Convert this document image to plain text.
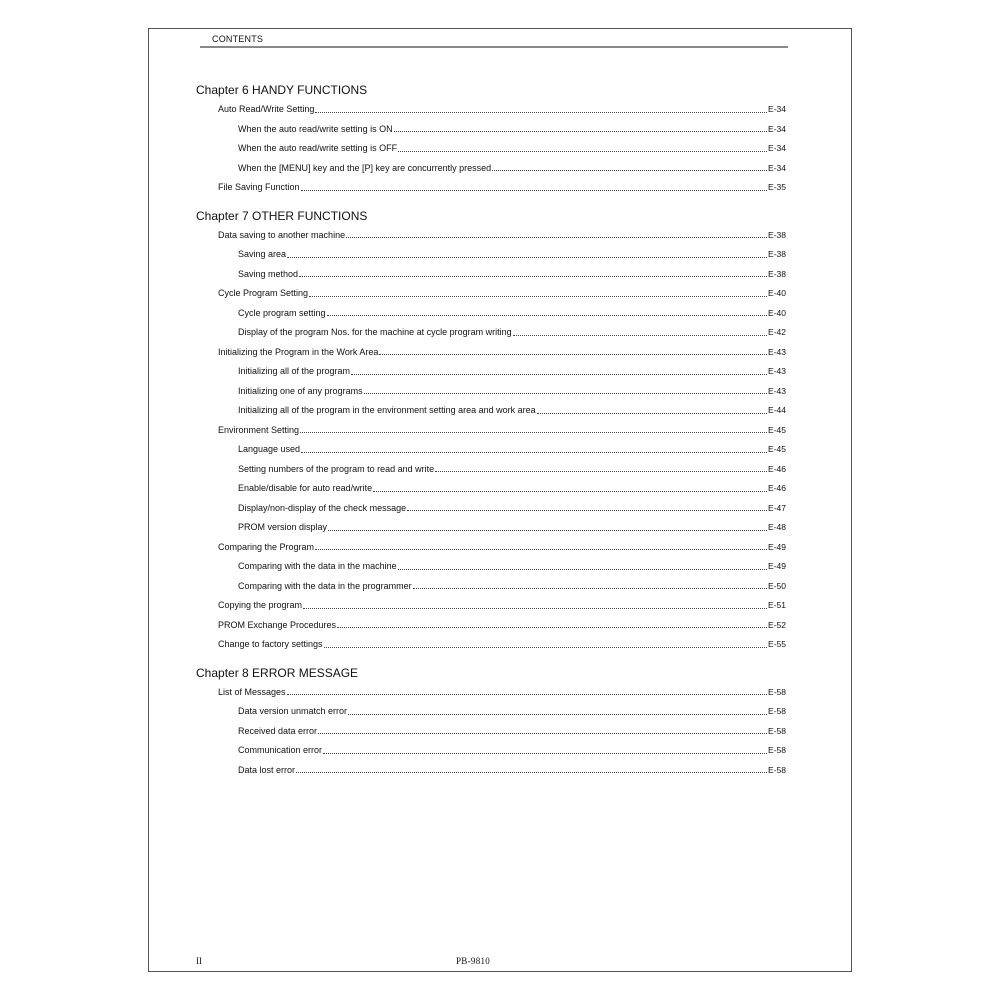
CONTENTS
Chapter 6 HANDY FUNCTIONS
Auto Read/Write Setting	E-34
When the auto read/write setting is ON	E-34
When the auto read/write setting is OFF	E-34
When the [MENU] key and the [P] key are concurrently pressed	E-34
File Saving Function	E-35
Chapter 7 OTHER FUNCTIONS
Data saving to another machine	E-38
Saving area	E-38
Saving method	E-38
Cycle Program Setting	E-40
Cycle program setting	E-40
Display of the program Nos. for the machine at cycle program writing	E-42
Initializing the Program in the Work Area	E-43
Initializing all of the program	E-43
Initializing one of any programs	E-43
Initializing all of the program in the environment setting area and work area	E-44
Environment Setting	E-45
Language used	E-45
Setting numbers of the program to read and write	E-46
Enable/disable for auto read/write	E-46
Display/non-display of the check message	E-47
PROM version display	E-48
Comparing the Program	E-49
Comparing with the data in the machine	E-49
Comparing with the data in the programmer	E-50
Copying the program	E-51
PROM Exchange Procedures	E-52
Change to factory settings	E-55
Chapter 8 ERROR MESSAGE
List of Messages	E-58
Data version unmatch error	E-58
Received data error	E-58
Communication error	E-58
Data lost error	E-58
II	PB-9810
